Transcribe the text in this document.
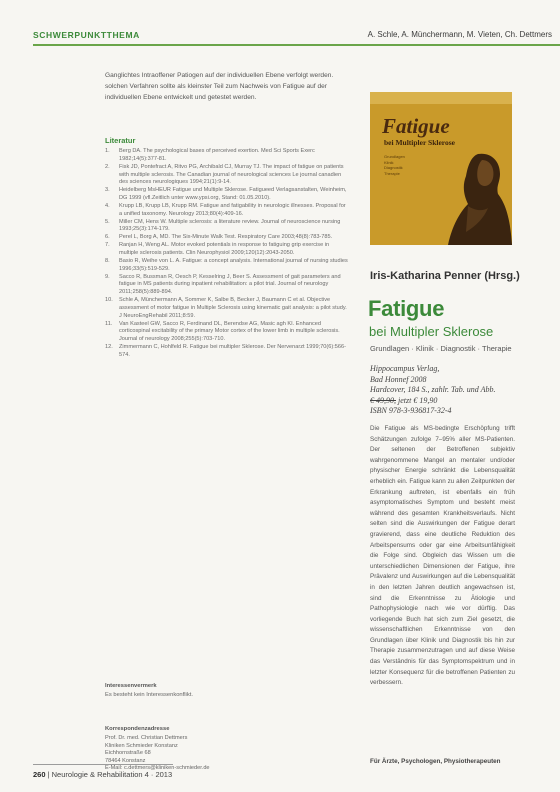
SCHWERPUNKTTHEMA	A. Schle, A. Münchermann, M. Vieten, Ch. Dettmers

Ganglichtes Intraoffener Patiogen auf der individuellen Ebene verfolgt werden. solchen Verfahren sollte als kleinster Teil zum Nachweis von Fatigue auf der individuellen Ebene entwickelt und getestet werden.

Literatur
1.	Berg DA. The psychological bases of perceived exertion. Med Sci Sports Exerc 1982;14(5):377-81.
2.	Fisk JD, Pontefract A, Ritvo PG, Archibald CJ, Murray TJ. The impact of fatigue on patients with multiple sclerosis. The Canadian journal of neurological sciences Le journal canadien des sciences neurologiques 1994;21(1):9-14.
3.	Heidelberg MsHEUR Fatigue und Multiple Sklerose. Fatigueed Verlagsanstalten, Weinheim, DG 1999 (vfl.Zeitlich unter www.ypsi.org, Stand: 01.05.2010).
4.	Krupp LB, Krupp LB, Krupp RM. Fatigue and fatigability in neurologic illnesses. Proposal for a unified taxonomy. Neurology 2013;80(4):409-16.
5.	Miller CM, Hens W. Multiple sclerosis: a literature review. Journal of neuroscience nursing 1993;25(3):174-179.
6.	Perel L, Borg A, MD. The Six-Minute Walk Test. Respiratory Care 2003;48(8):783-785.
7.	Ranjan H, Weng AL. Motor evoked potentials in response to fatiguing grip exercise in multiple sclerosis patients. Clin Neurophysiol 2009;120(12):2043-2050.
8.	Basio R, Weihe von L. A. Fatigue: a concept analysis. International journal of nursing studies 1996;33(5):519-529.
9.	Sacco R, Bussman R, Oesch P, Kesselring J, Beer S. Assessment of gait parameters and fatigue in MS patients during inpatient rehabilitation: a pilot trial. Journal of neurology 2011;258(5):889-894.
10.	Schle A, Münchermann A, Sommer K, Salbe B, Becker J, Baumann C et al. Objective assessment of motor fatigue in Multiple Sclerosis using kinematic gait analysis: a pilot study. J NeuroEngRehabil 2011;8:59.
11.	Van Kasteel GW, Sacco R, Ferdinand DL, Berendse AG, Masic agh KI. Enhanced corticospinal excitability of the primary Motor cortex of the lower limb in multiple sclerosis. Journal of neurology 2008;255(5):703-710.
12.	Zimmermann C, Hohlfeld R. Fatigue bei multipler Sklerose. Der Nervenarzt 1999;70(6):566-574.
Interessenvermerk
Es besteht kein Interessenkonflikt.
Korrespondenzadresse
Prof. Dr. med. Christian Dettmers
Kliniken Schmieder Konstanz
Eichhornstraße 68
78464 Konstanz
E-Mail: c.dettmers@kliniken-schmieder.de
260 | Neurologie & Rehabilitation 4 · 2013
Fatigue
bei Multipler Sklerose
Grundlagen
Klinik
Diagnostik
Therapie
Iris-Katharina Penner (Hrsg.)
Fatigue
bei Multipler Sklerose
Grundlagen · Klinik · Diagnostik · Therapie
Hippocampus Verlag,
Bad Honnef 2008
Hardcover, 184 S., zahlr. Tab. und Abb.
€ 49,90, jetzt € 19,90
ISBN 978-3-936817-32-4

Die Fatigue als MS-bedingte Erschöpfung trifft Schätzungen zufolge 7–95% aller MS-Patienten. Der seltenen der Betroffenen subjektiv wahrgenommene Mangel an mentaler und/oder physischer Energie schränkt die Lebensqualität erheblich ein. Fatigue kann zu allen Zeitpunkten der Erkrankung auftreten, ist ebenfalls ein früh asymptomatisches Symptom und besteht meist während des gesamten Krankheitsverlaufs. Nicht selten sind die Auswirkungen der Fatigue derart gravierend, dass eine deutliche Reduktion des Arbeitspensums oder gar eine Arbeitsunfähigkeit die Folge sind. Obgleich das Wissen um die unterschiedlichen Dimensionen der Fatigue, ihre Prävalenz und Auswirkungen auf die Lebensqualität in den letzten Jahren deutlich angewachsen ist, sind die Erkenntnisse zu Ätiologie und Pathophysiologie nach wie vor dürftig. Das vorliegende Buch hat sich zum Ziel gesetzt, die wissenschaftlichen Erkenntnisse von den Grundlagen über Klinik und Diagnostik bis hin zur Therapie zusammenzutragen und auf diese Weise das Verständnis für das Symptomspektrum und in letzter Konsequenz für die betroffenen Patienten zu verbessern.

Für Ärzte, Psychologen, Physiotherapeuten
